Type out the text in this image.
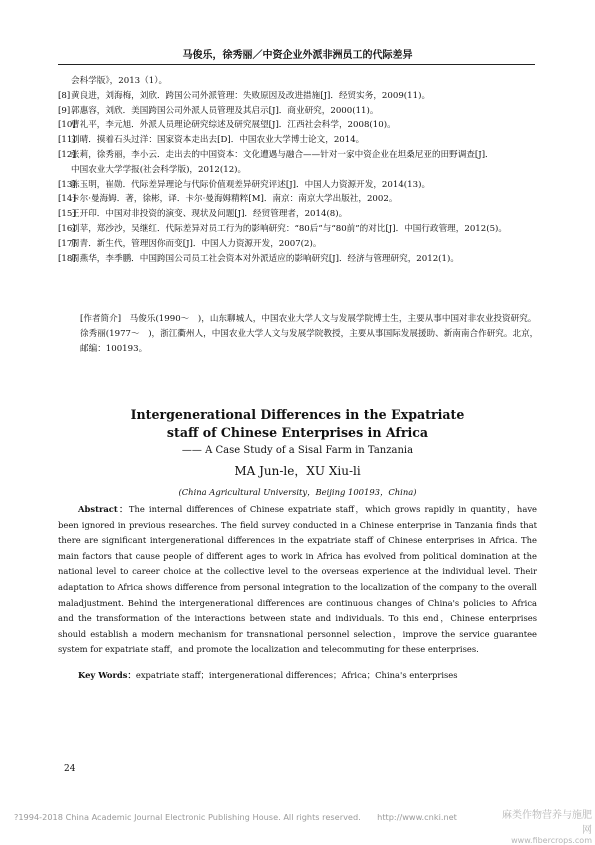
马俊乐，徐秀丽／中资企业外派非洲员工的代际差异
会科学版》，2013（1）。
[8] 黄良进，刘海梅，刘欣．跨国公司外派管理：失败原因及改进措施[J]．经贸实务，2009(11)。
[9] 郭惠容，刘欣．美国跨国公司外派人员管理及其启示[J]．商业研究，2000(11)。
[10]
曹礼平，李元旭．外派人员理论研究综述及研究展望[J]．江西社会科学，2008(10)。
[11]
刘晴．摸着石头过洋：国家资本走出去[D]．中国农业大学博士论文，2014。
[12]
张莉，徐秀丽，李小云．走出去的中国资本：文化遭遇与融合——针对一家中资企业在坦桑尼亚的田野调查[J]．
中国农业大学学报(社会科学版)，2012(12)。
[13]
陈玉明，崔勋．代际差异理论与代际价值观差异研究评述[J]．中国人力资源开发，2014(13)。
[14]
卡尔·曼海姆．著，徐彬，译．卡尔·曼海姆精粹[M]．南京：南京大学出版社，2002。
[15]
王开印．中国对非投资的演变、现状及问题[J]．经贸管理者，2014(8)。
[16]
刘苹，郑沙沙，吴继红．代际差异对员工行为的影响研究：“80后”与“80前”的对比[J]．中国行政管理，2012(5)。
[17]
周青．新生代，管理因你而变[J]．中国人力资源开发，2007(2)。
[18]
周燕华，李季鹏．中国跨国公司员工社会资本对外派适应的影响研究[J]．经济与管理研究，2012(1)。
[作者简介]　马俊乐(1990～　)，山东聊城人，中国农业大学人文与发展学院博士生，主要从事中国对非农业投资研究。徐秀丽(1977～　)，浙江衢州人，中国农业大学人文与发展学院教授，主要从事国际发展援助、新南南合作研究。北京，邮编：100193。
Intergenerational Differences in the Expatriate
staff of Chinese Enterprises in Africa
—— A Case Study of a Sisal Farm in Tanzania
MA Jun-le，XU Xiu-li
(China Agricultural University，Beijing 100193，China)
Abstract：The internal differences of Chinese expatriate staff，which grows rapidly in quantity，have been ignored in previous researches. The field survey conducted in a Chinese enterprise in Tanzania finds that there are significant intergenerational differences in the expatriate staff of Chinese enterprises in Africa. The main factors that cause people of different ages to work in Africa has evolved from political domination at the national level to career choice at the collective level to the overseas experience at the individual level. Their adaptation to Africa shows difference from personal integration to the localization of the company to the overall maladjustment. Behind the intergenerational differences are continuous changes of China's policies to Africa and the transformation of the interactions between state and individuals. To this end，Chinese enterprises should establish a modern mechanism for transnational personnel selection，improve the service guarantee system for expatriate staff，and promote the localization and telecommuting for these enterprises.
Key Words：expatriate staff；intergenerational differences；Africa；China's enterprises
24
?1994-2018 China Academic Journal Electronic Publishing House. All rights reserved.　　http://www.cnki.net	麻类作物营养与施肥网
www.fibercrops.com
